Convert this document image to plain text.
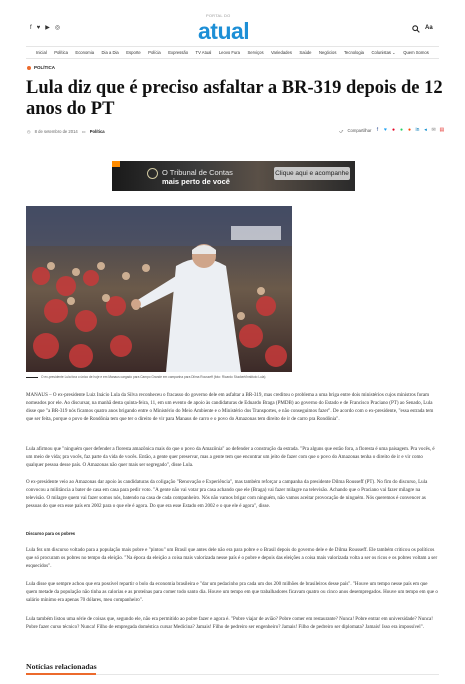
f ♥ ▶ ◎
PORTAL DO
atual	Aa
Inicial Política Economia Dia a Dia Esporte Polícia Expressão TV Atual Leovo Fura Serviços Variedades Saúde Negócios Tecnologia Colunistas ⌄ Quem Somos
POLÍTICA
Lula diz que é preciso asfaltar a BR-319 depois de 12 anos do PT
◷ 8 de setembro de 2014 ▭ Política	⤻ Compartilhar f ♥ ● ● ● in ◂ ✉ ▤
O Tribunal de Contas
mais perto de você
Clique aqui e acompanhe
O ex-presidente Lula fora o único de hoje e em Manaus cargado para Campo Grande em campanha para Dilma Rousseff (foto: Ricardo Stuckert/Instituto Lula)

MANAUS – O ex-presidente Luiz Inácio Lula da Silva reconheceu o fracasso do governo dele em asfaltar a BR-319, mas creditou o problema a uma briga entre dois ministérios cujos ministros foram nomeados por ele. Ao discursar, na manhã desta quinta-feira, 11, em um evento de apoio às candidaturas de Eduardo Braga (PMDB) ao governo do Estado e de Francisco Praciano (PT) ao Senado, Lula disse que "a BR-319 nós ficamos quatro anos brigando entre o Ministério do Meio Ambiente e o Ministério dos Transportes, e não conseguimos fazer". De acordo com o ex-presidente, "essa estrada tem que ser feita, porque o povo de Rondônia tem que ter o direito de vir para Manaus de carro e o povo do Amazonas tem direito de ir de carro pra Rondônia".

Lula afirmou que "ninguém quer defender a floresta amazônica mais do que o povo da Amazônia" ao defender a construção da estrada. "Pra alguns que estão fora, a floresta é uma paisagem. Pra vocês, é um meio de vida; pra vocês, faz parte da vida de vocês. Então, a gente quer preservar, mas a gente tem que encontrar um jeito de fazer com que o povo do Amazonas tenha o direito de ir e vir como qualquer pessoa desse país. O Amazonas não quer mais ser segregado", disse Lula.

O ex-presidente veio ao Amazonas dar apoio às candidaturas da coligação "Renovação e Experiência", mas também reforçar a campanha da presidente Dilma Rousseff (PT). No fim do discurso, Lula convocou a militância a bater de casa em casa para pedir voto. "A gente não vai votar pra casa achando que ele (Braga) vai fazer milagre na televisão. Achando que o Praciano vai fazer milagre na televisão. O milagre quem vai fazer somos nós, batendo na casa de cada companheiro. Nós não vamos brigar com ninguém, não vamos aceitar provocação de ninguém. Nós queremos é convencer as pessoas do que era esse país em 2002 para o que ele é agora. Do que era esse Estado em 2002 e o que ele é agora", disse.

Discurso para os pobres

Lula fez um discurso voltado para a população mais pobre e "pintou" um Brasil que antes dele não era para pobre e o Brasil depois do governo dele e de Dilma Rousseff. Ele também criticou os políticos que só procuram os pobres no tempo da eleição. "Na época da eleição a coisa mais valorizada nesse país é o pobre e depois das eleições a coisa mais valorizada volta a ser os ricos e os pobres voltam a ser esquecidos".

Lula disse que sempre achou que era possível repartir o bolo da economia brasileira e "dar um pedacinho pra cada um dos 200 milhões de brasileiros desse país". "Houve um tempo nesse país em que quem metade da população não tinha as calorias e as proteínas para comer todo santo dia. Houve um tempo em que trabalhadores ficavam quatro ou cinco anos desempregados. Houve um tempo em que o salário mínimo era apenas 70 dólares, meu companheiro".

Lula também listou uma série de coisas que, segundo ele, não era permitido ao pobre fazer e agora é. "Pobre viajar de avião? Pobre comer em restaurante? Nunca! Pobre entrar em universidade? Nunca! Pobre fazer curso técnico? Nunca! Filho de empregada doméstica cursar Medicina? Jamais! Filho de pedreiro ser engenheiro? Jamais! Filho de pedreiro ser diplomata? Jamais! Isso era impossível".

Notícias relacionadas
